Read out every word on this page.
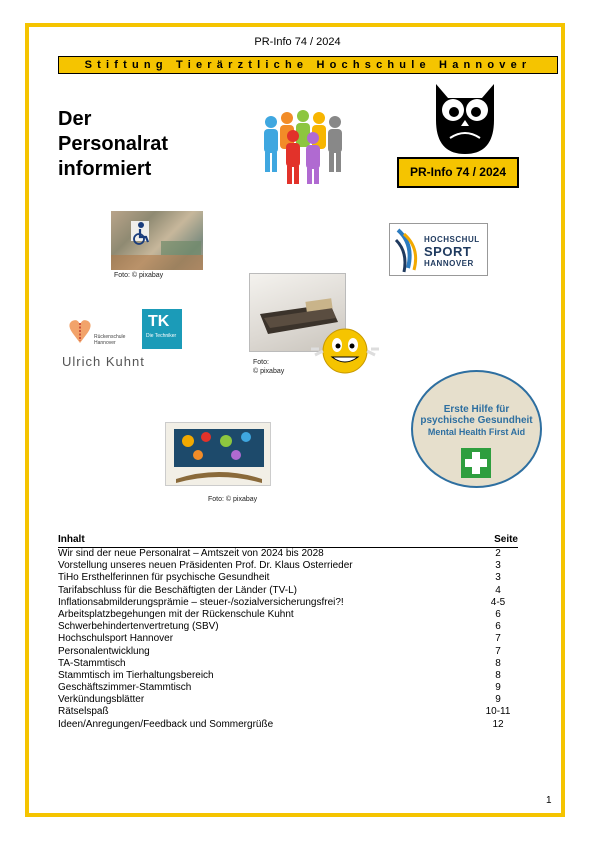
PR-Info 74 / 2024
Stiftung Tierärztliche Hochschule Hannover
Der
Personalrat
informiert	PR-Info 74 / 2024
Foto: © pixabay
HOCHSCHUL
SPORT
HANNOVER
Foto:
© pixabay
Rückenschule Hannover
TK
Die Techniker
Ulrich Kuhnt
Erste Hilfe für
psychische Gesundheit
Mental Health First Aid
Foto: © pixabay
Inhalt	Seite
Wir sind der neue Personalrat – Amtszeit von 2024 bis 2028	2
Vorstellung unseres neuen Präsidenten Prof. Dr. Klaus Osterrieder	3
TiHo Ersthelferinnen für psychische Gesundheit	3
Tarifabschluss für die Beschäftigten der Länder (TV-L)	4
Inflationsabmilderungsprämie – steuer-/sozialversicherungsfrei?!	4-5
Arbeitsplatzbegehungen mit der Rückenschule Kuhnt	6
Schwerbehindertenvertretung (SBV)	6
Hochschulsport Hannover	7
Personalentwicklung	7
TA-Stammtisch	8
Stammtisch im Tierhaltungsbereich	8
Geschäftszimmer-Stammtisch	9
Verkündungsblätter	9
Rätselspaß	10-11
Ideen/Anregungen/Feedback und Sommergrüße	12
1
